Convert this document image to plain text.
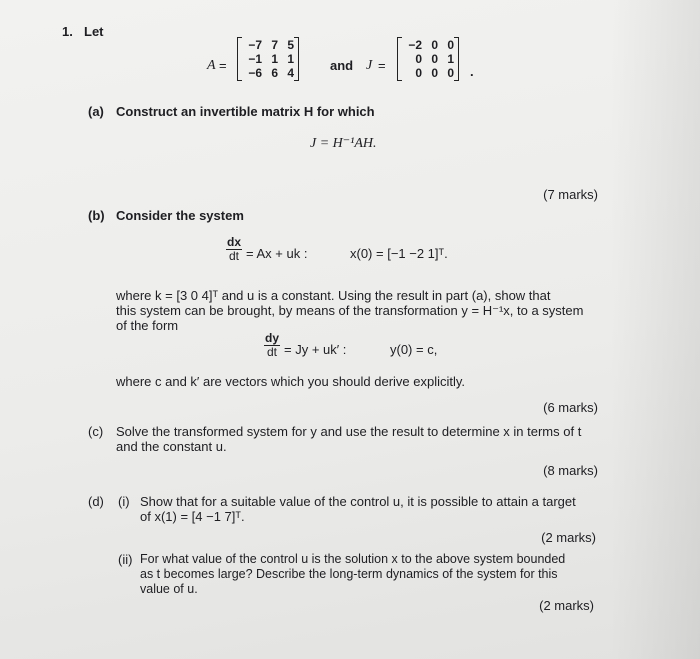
1. Let
A =
−7 7 5
−1 1 1
−6 6 4	and J =
−2 0 0
0 0 1
0 0 0 .
(a) Construct an invertible matrix H for which
J = H⁻¹AH.
(7 marks)
(b) Consider the system
$\frac{dx}{dt} = Ax$ + uk :	x(0) = [−1 −2 1]ᵀ.
where k = [3 0 4]ᵀ and u is a constant. Using the result in part (a), show that
this system can be brought, by means of the transformation y = H⁻¹x, to a system
of the form
$\frac{dy}{dt} = Jy + uk'$ :	y(0) = c,
where c and k′ are vectors which you should derive explicitly.
(6 marks)
(c) Solve the transformed system for y and use the result to determine x in terms of t
and the constant u.
(8 marks)
(d) (i) Show that for a suitable value of the control u, it is possible to attain a target
of x(1) = [4 −1 7]ᵀ.
(2 marks)
(ii) For what value of the control u is the solution x to the above system bounded
as t becomes large? Describe the long-term dynamics of the system for this
value of u.
(2 marks)
